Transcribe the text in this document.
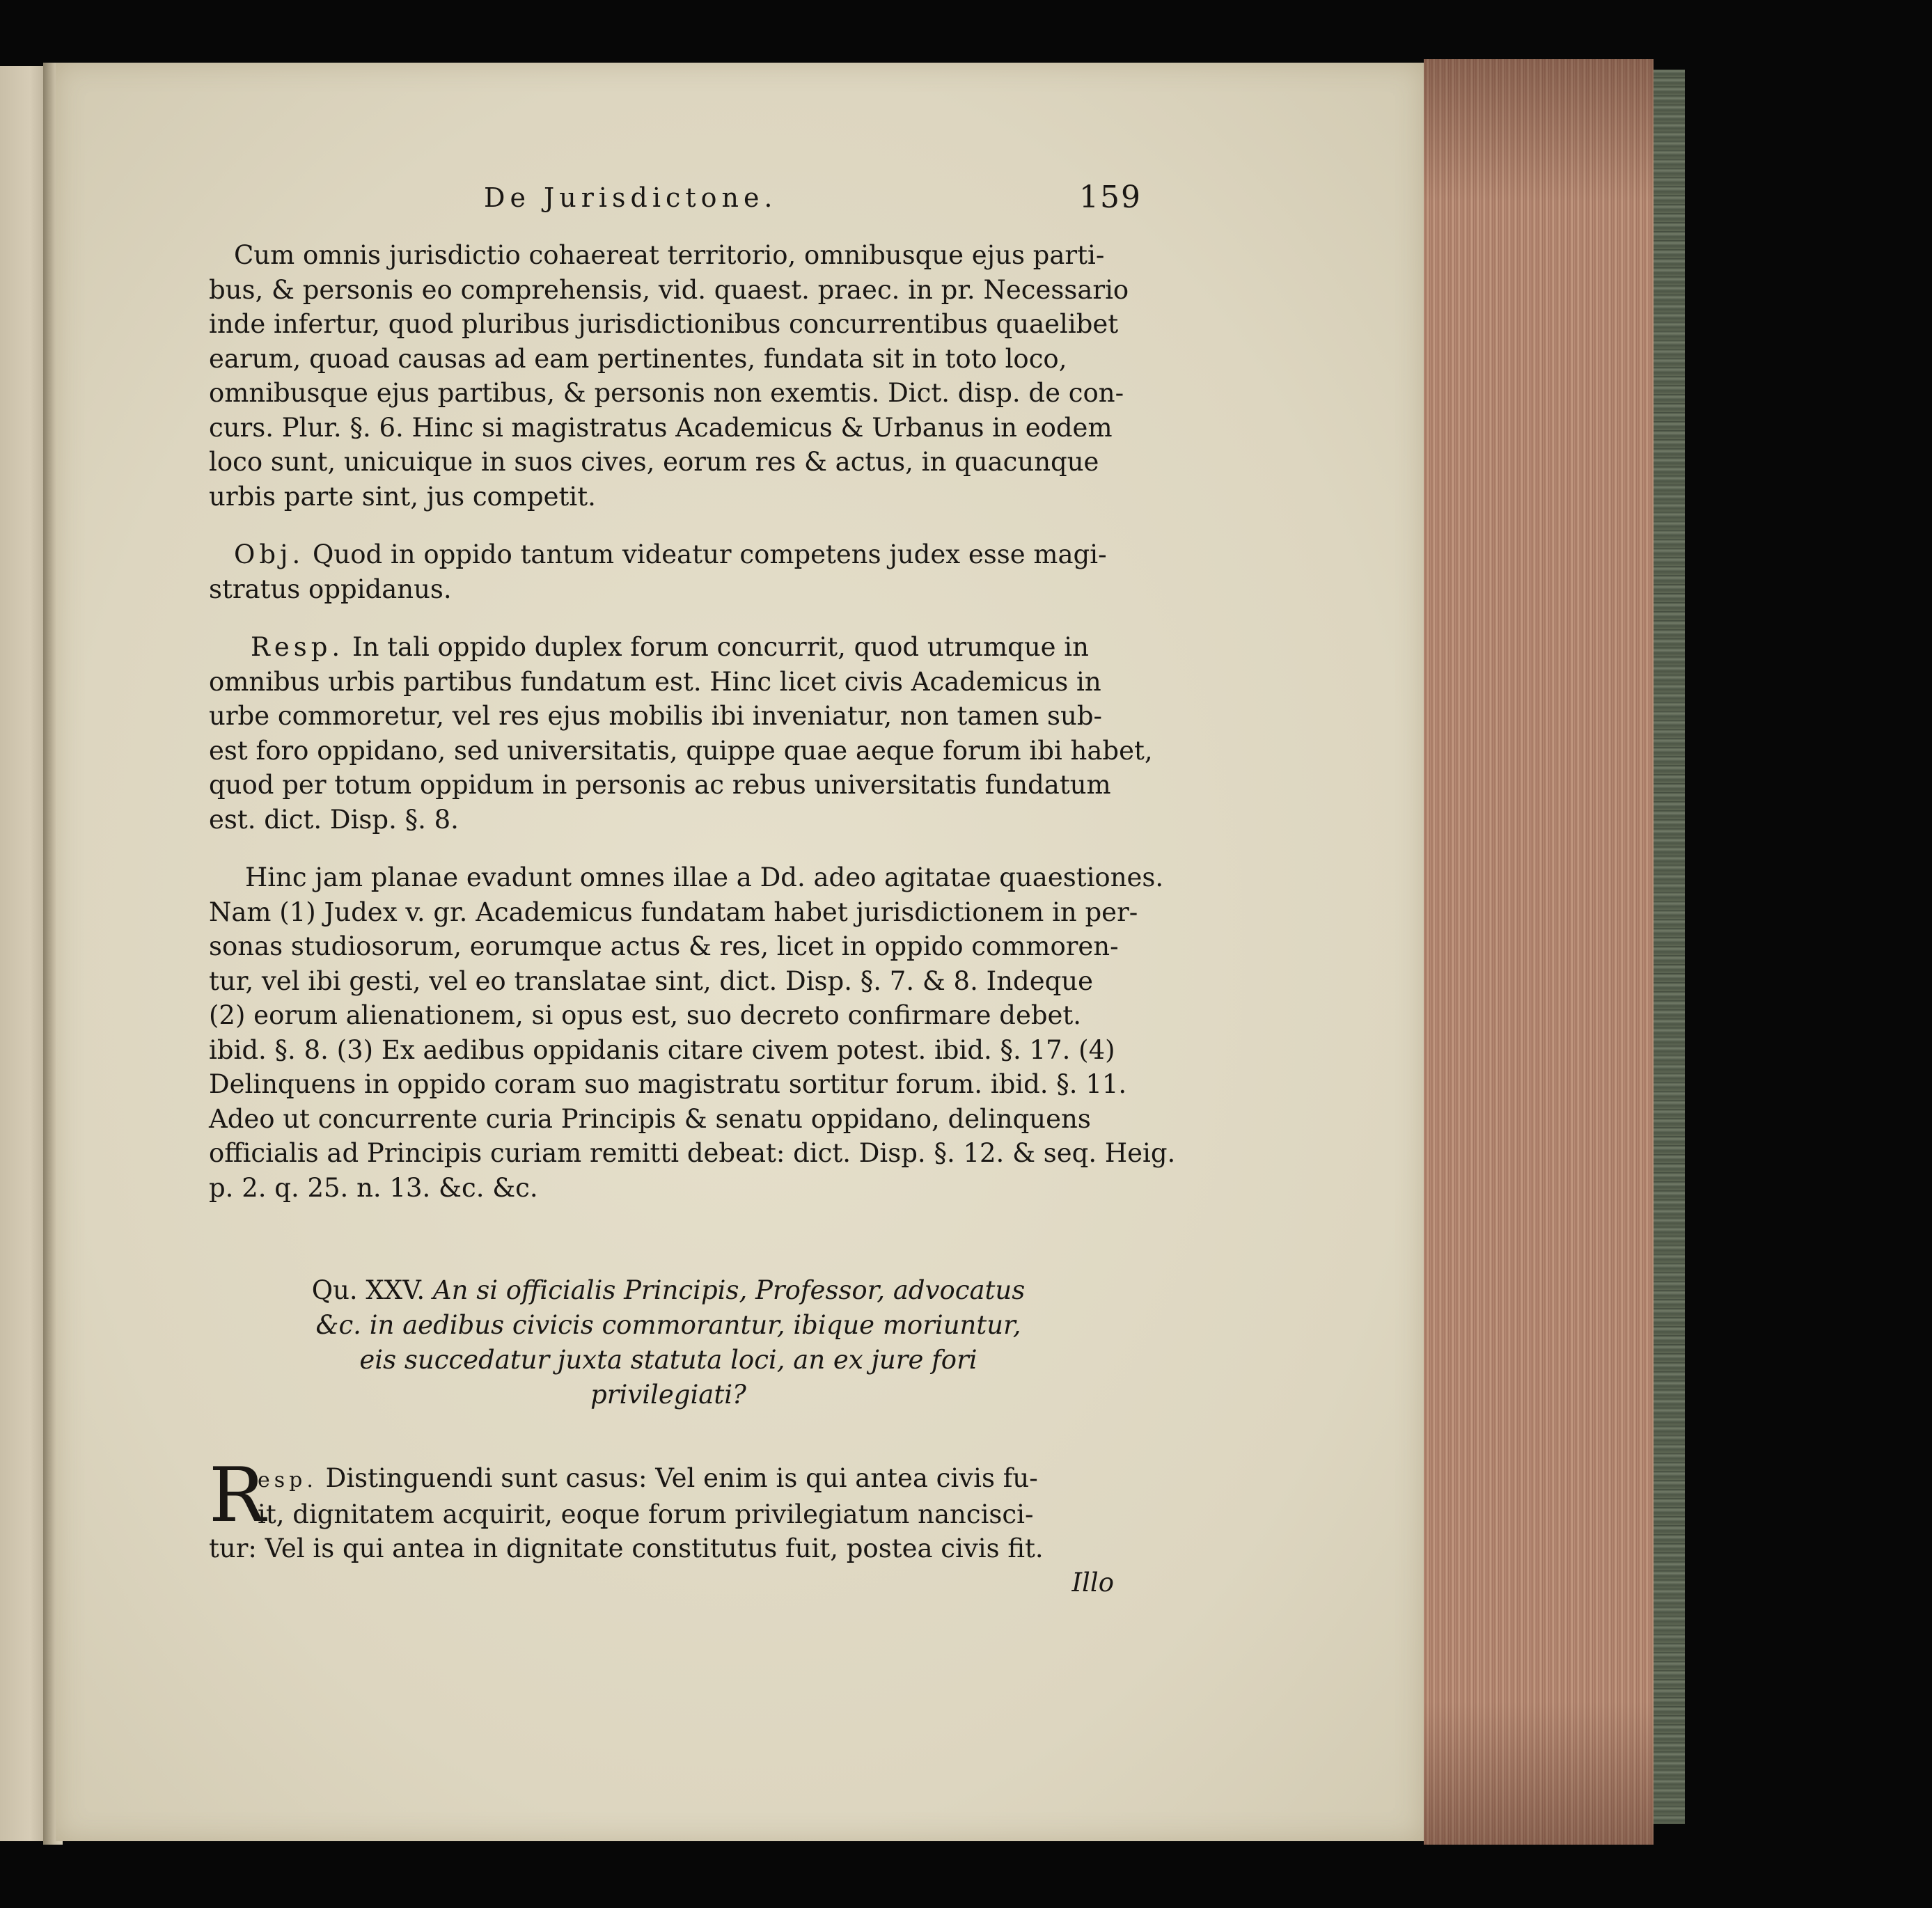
De Jurisdictone.	159
Cum omnis jurisdictio cohaereat territorio, omnibusque ejus parti-
bus, & personis eo comprehensis, vid. quaest. praec. in pr. Necessario
inde infertur, quod pluribus jurisdictionibus concurrentibus quaelibet
earum, quoad causas ad eam pertinentes, fundata sit in toto loco,
omnibusque ejus partibus, & personis non exemtis. Dict. disp. de con-
curs. Plur. §. 6. Hinc si magistratus Academicus & Urbanus in eodem
loco sunt, unicuique in suos cives, eorum res & actus, in quacunque
urbis parte sint, jus competit.
Obj. Quod in oppido tantum videatur competens judex esse magi-
stratus oppidanus.
Resp. In tali oppido duplex forum concurrit, quod utrumque in
omnibus urbis partibus fundatum est. Hinc licet civis Academicus in
urbe commoretur, vel res ejus mobilis ibi inveniatur, non tamen sub-
est foro oppidano, sed universitatis, quippe quae aeque forum ibi habet,
quod per totum oppidum in personis ac rebus universitatis fundatum
est. dict. Disp. §. 8.
Hinc jam planae evadunt omnes illae a Dd. adeo agitatae quaestiones.
Nam (1) Judex v. gr. Academicus fundatam habet jurisdictionem in per-
sonas studiosorum, eorumque actus & res, licet in oppido commoren-
tur, vel ibi gesti, vel eo translatae sint, dict. Disp. §. 7. & 8. Indeque
(2) eorum alienationem, si opus est, suo decreto confirmare debet.
ibid. §. 8. (3) Ex aedibus oppidanis citare civem potest. ibid. §. 17. (4)
Delinquens in oppido coram suo magistratu sortitur forum. ibid. §. 11.
Adeo ut concurrente curia Principis & senatu oppidano, delinquens
officialis ad Principis curiam remitti debeat: dict. Disp. §. 12. & seq. Heig.
p. 2. q. 25. n. 13. &c. &c.
Qu. XXV. An si officialis Principis, Professor, advocatus
&c. in aedibus civicis commorantur, ibique moriuntur,
eis succedatur juxta statuta loci, an ex jure fori
privilegiati?
R
esp. Distinguendi sunt casus: Vel enim is qui antea civis fu-
it, dignitatem acquirit, eoque forum privilegiatum nancisci-
tur: Vel is qui antea in dignitate constitutus fuit, postea civis fit.
Illo
